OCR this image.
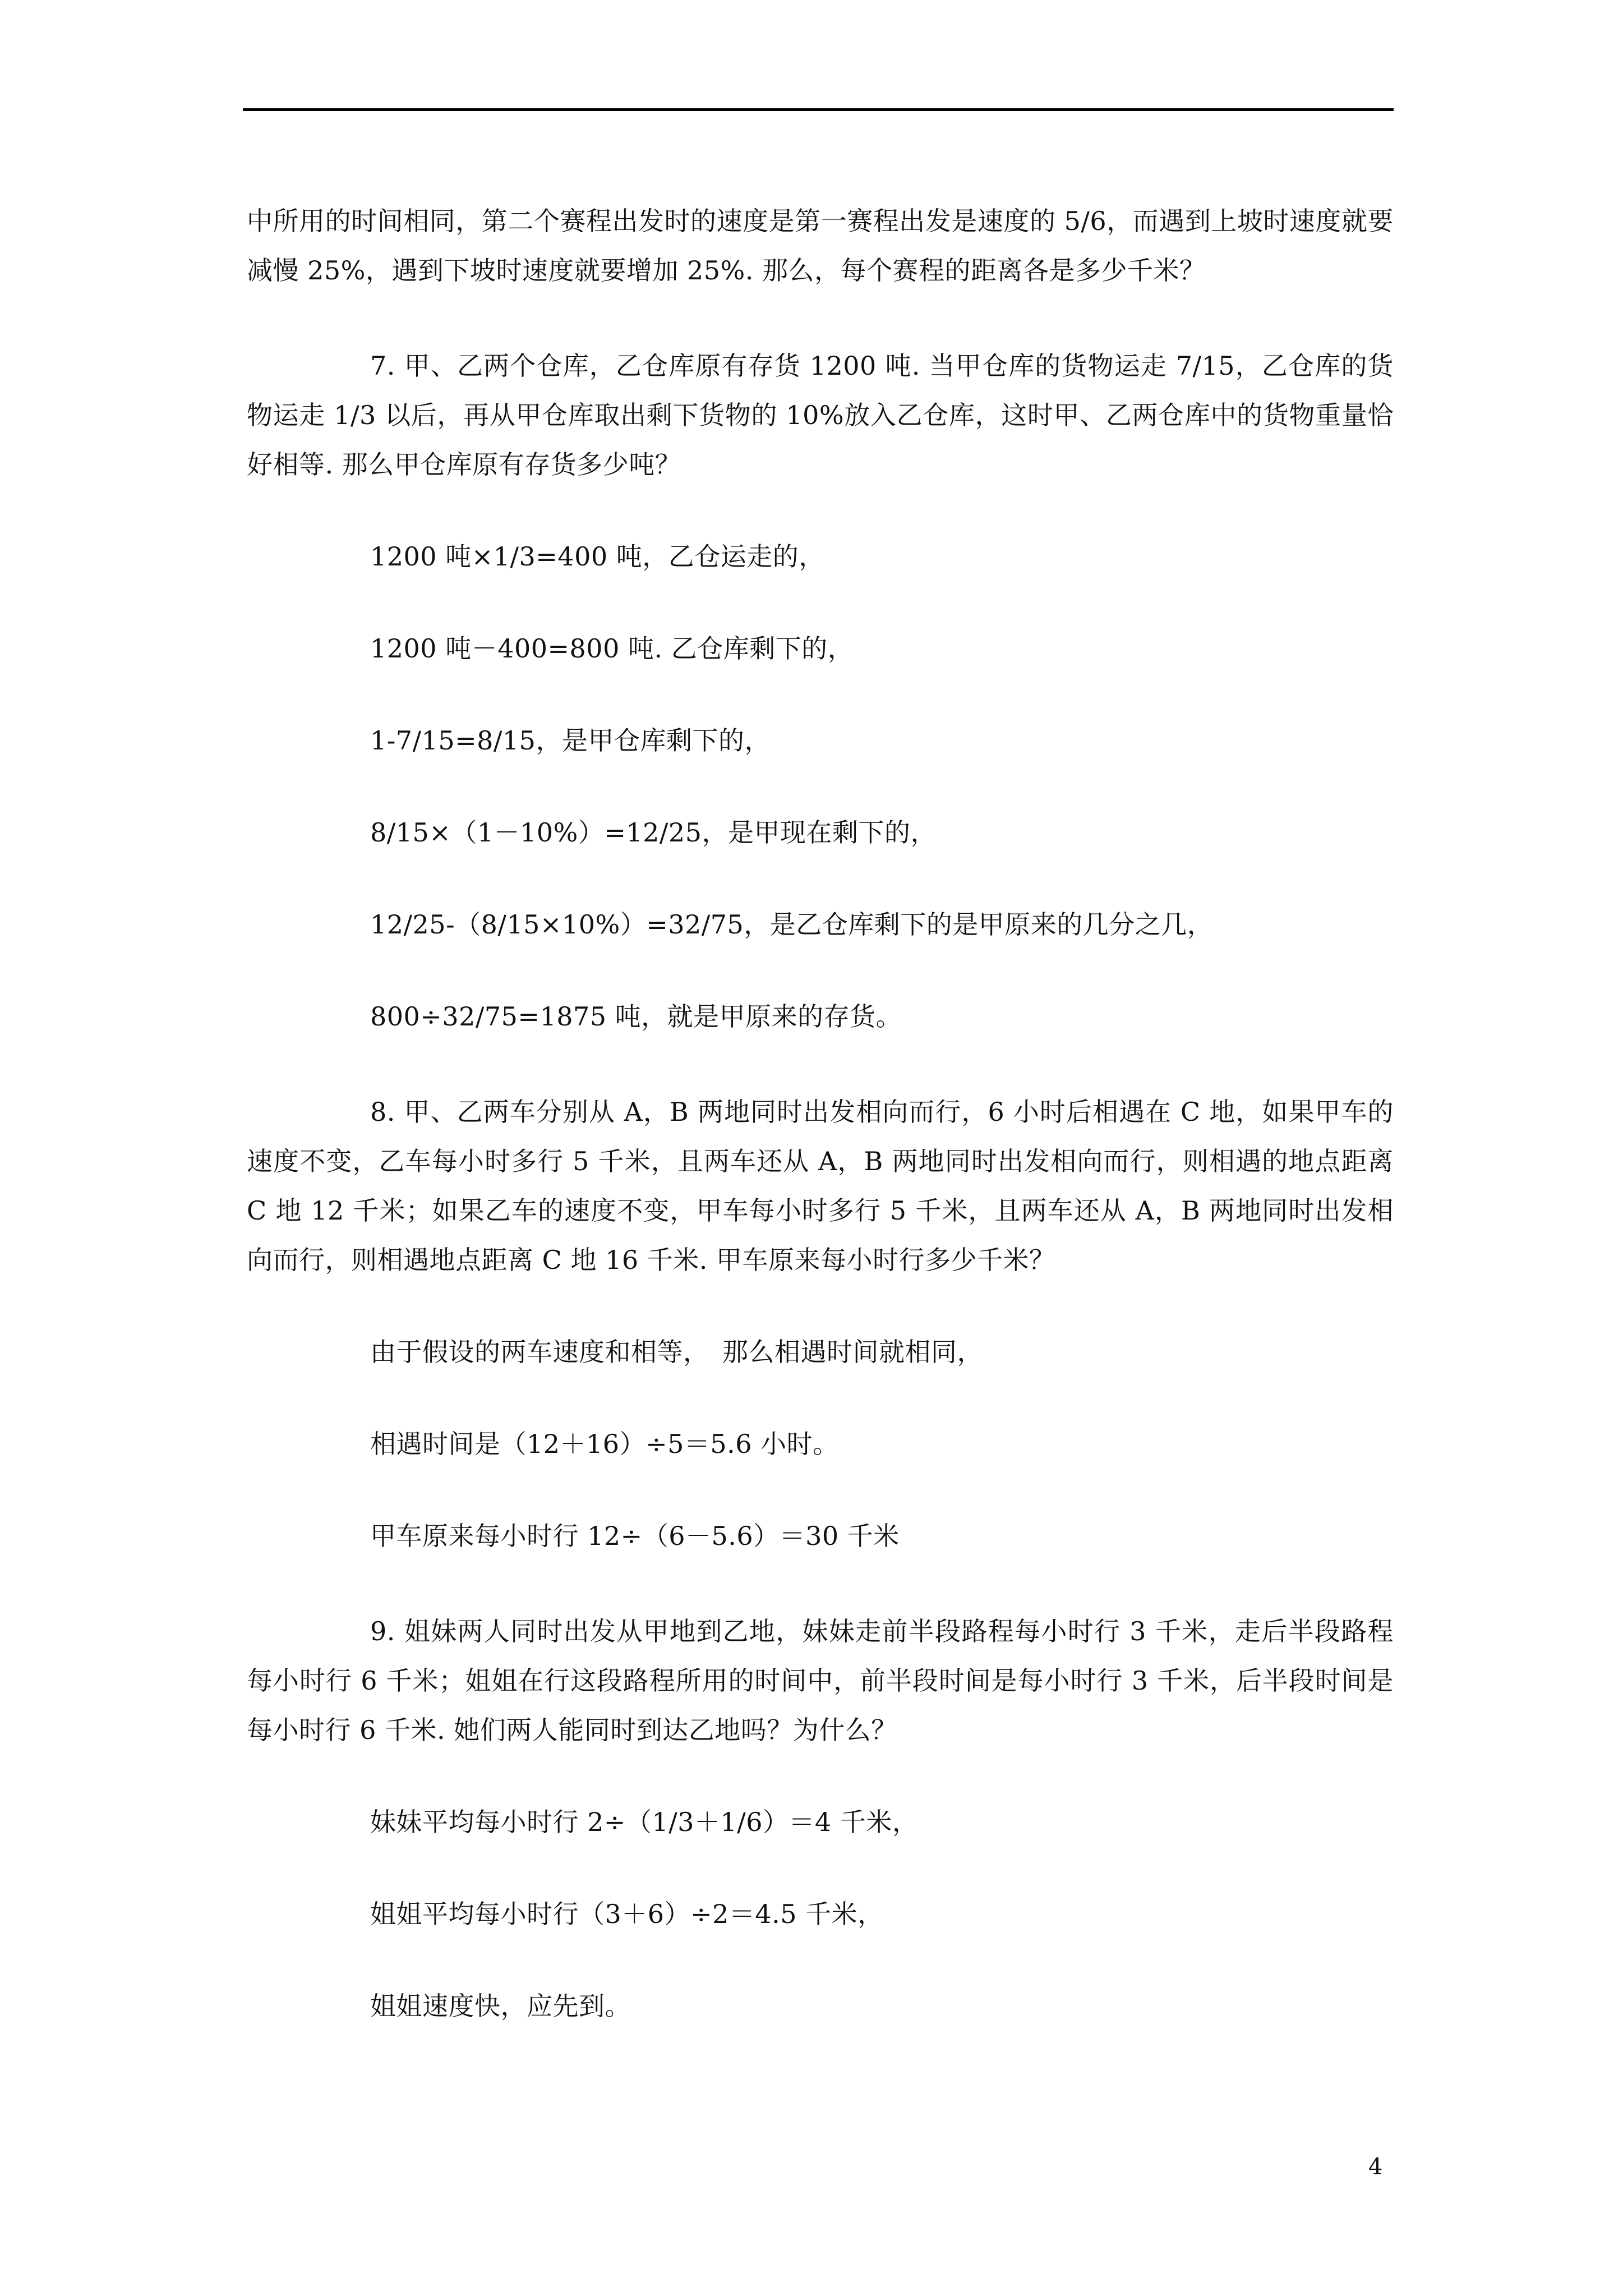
中所用的时间相同，第二个赛程出发时的速度是第一赛程出发是速度的 5/6，而遇到上坡时速度就要减慢 25%，遇到下坡时速度就要增加 25%. 那么，每个赛程的距离各是多少千米？

7. 甲、乙两个仓库，乙仓库原有存货 1200 吨. 当甲仓库的货物运走 7/15，乙仓库的货物运走 1/3 以后，再从甲仓库取出剩下货物的 10%放入乙仓库，这时甲、乙两仓库中的货物重量恰好相等. 那么甲仓库原有存货多少吨？

1200 吨×1/3=400 吨，乙仓运走的，

1200 吨－400=800 吨. 乙仓库剩下的，

1-7/15=8/15，是甲仓库剩下的，

8/15×（1－10%）=12/25，是甲现在剩下的，

12/25-（8/15×10%）=32/75，是乙仓库剩下的是甲原来的几分之几，

800÷32/75=1875 吨，就是甲原来的存货。

8. 甲、乙两车分别从 A，B 两地同时出发相向而行，6 小时后相遇在 C 地，如果甲车的速度不变，乙车每小时多行 5 千米，且两车还从 A，B 两地同时出发相向而行，则相遇的地点距离 C 地 12 千米；如果乙车的速度不变，甲车每小时多行 5 千米，且两车还从 A，B 两地同时出发相向而行，则相遇地点距离 C 地 16 千米. 甲车原来每小时行多少千米？

由于假设的两车速度和相等，　那么相遇时间就相同，

相遇时间是（12＋16）÷5＝5.6 小时。

甲车原来每小时行 12÷（6－5.6）＝30 千米

9. 姐妹两人同时出发从甲地到乙地，妹妹走前半段路程每小时行 3 千米，走后半段路程每小时行 6 千米；姐姐在行这段路程所用的时间中，前半段时间是每小时行 3 千米，后半段时间是每小时行 6 千米. 她们两人能同时到达乙地吗？为什么？

妹妹平均每小时行 2÷（1/3＋1/6）＝4 千米，

姐姐平均每小时行（3＋6）÷2＝4.5 千米，

姐姐速度快，应先到。

4
